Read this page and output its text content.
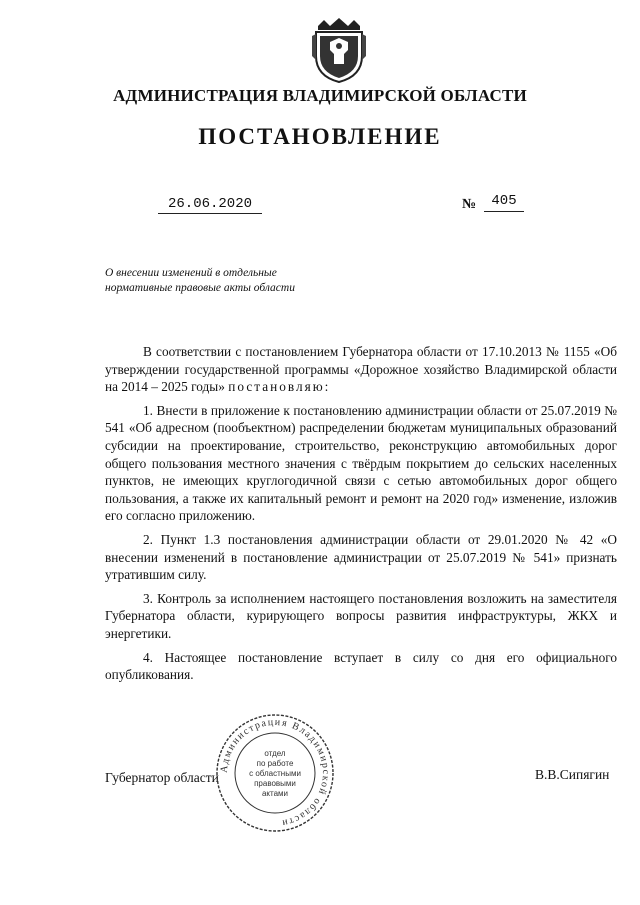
АДМИНИСТРАЦИЯ ВЛАДИМИРСКОЙ ОБЛАСТИ
ПОСТАНОВЛЕНИЕ
26.06.2020	№	405
О внесении изменений в отдельные
нормативные правовые акты области

В соответствии с постановлением Губернатора области от 17.10.2013 № 1155 «Об утверждении государственной программы «Дорожное хозяйство Владимирской области на 2014 – 2025 годы» постановляю:

1. Внести в приложение к постановлению администрации области от 25.07.2019 № 541 «Об адресном (пообъектном) распределении бюджетам муниципальных образований субсидии на проектирование, строительство, реконструкцию автомобильных дорог общего пользования местного значения с твёрдым покрытием до сельских населенных пунктов, не имеющих круглогодичной связи с сетью автомобильных дорог общего пользования, а также их капитальный ремонт и ремонт на 2020 год» изменение, изложив его согласно приложению.

2. Пункт 1.3 постановления администрации области от 29.01.2020 № 42 «О внесении изменений в постановление администрации от 25.07.2019 № 541» признать утратившим силу.

3. Контроль за исполнением настоящего постановления возложить на заместителя Губернатора области, курирующего вопросы развития инфраструктуры, ЖКХ и энергетики.

4. Настоящее постановление вступает в силу со дня его официального опубликования.

Губернатор области	В.В.Сипягин
Администрация Владимирской области
отдел
по работе
с областными
правовыми
актами
